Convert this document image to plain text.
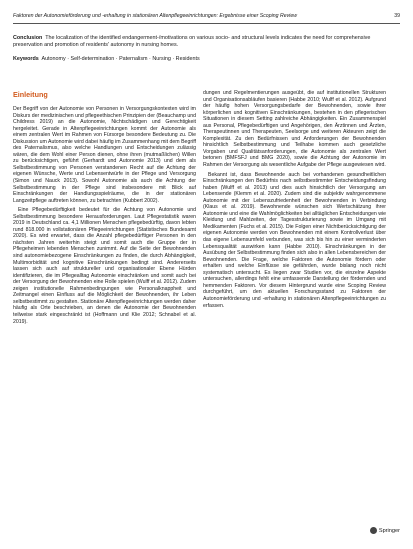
Faktoren der Autonomieförderung und -erhaltung in stationären Altenpflegeeinrichtungen: Ergebnisse einer Scoping Review	39
Conclusion The localization of the identified endangerment-/motivations on various socio- and structural levels indicates the need for comprehensive preservation and promotion of residents' autonomy in nursing homes.
Keywords Autonomy · Self-determination · Paternalism · Nursing · Residents
Einleitung

Der Begriff von der Autonomie von Personen in Versorgungskontexten wird im Diskurs der medizinischen und pflegeethischen Prinzipien der (Beauchamp und Childress 2019) an die Autonomie, Nichtschädigen und Gerechtigkeit hergeleitet. Gerade in Altenpflegeeinrichtungen kommt der Autonomie als einem zentralen Wert im Rahmen von Fürsorge besondere Bedeutung zu. Die Diskussion um Autonomie wird dabei häufig im Zusammenhang mit dem Begriff des Paternalismus, also welche Handlungen und Entscheidungen zulässig wären, die dem Wohl einer Person dienen, ohne ihren (mutmaßlichen) Willen zu berücksichtigen, geführt (Gerhardt und Autonomie 2013) und dem als Selbstbestimmung von Personen verstandenen Recht auf die Achtung der eigenen Wünsche, Werte und Lebensentwürfe in der Pflege und Versorgung (Simon und Nauck 2013). Sowohl Autonomie als auch die Achtung der Selbstbestimmung in der Pflege sind insbesondere mit Blick auf Einschränkungen der Handlungsspielräume, die in der stationären Langzeitpflege auftreten können, zu betrachten (Kubbert 2002).

Eine Pflegebedürftigkeit bedeutet für die Achtung von Autonomie und Selbstbestimmung besondere Herausforderungen. Laut Pflegestatistik waren 2019 in Deutschland ca. 4,1 Millionen Menschen pflegebedürftig, davon lebten rund 818.000 in vollstationären Pflegeeinrichtungen (Statistisches Bundesamt 2020). Es wird erwartet, dass die Anzahl pflegebedürftiger Personen in den nächsten Jahren weiterhin steigt und somit auch die Gruppe der in Pflegeheimen lebenden Menschen zunimmt. Auf die Seite der Bewohnenden sind autonomiebezogene Einschränkungen zu finden, die durch Abhängigkeit, Multimorbidität und kognitive Einschränkungen bedingt sind. Andererseits lassen sich auch auf struktureller und organisationaler Ebene Hürden identifizieren, die im Pflegealltag Autonomie einschränken und somit auch bei der Versorgung der Bewohnenden eine Rolle spielen (Wulff et al. 2012). Zudem zeigen institutionelle Rahmenbedingungen wie Personalknappheit und Zeitmangel einen Einfluss auf die Möglichkeit der Bewohnenden, ihr Leben selbstbestimmt zu gestalten. Stationäre Altenpflegeeinrichtungen werden daher häufig als Orte beschrieben, an denen die Autonomie der Bewohnenden teilweise stark eingeschränkt ist (Hoffmann und Klie 2012; Schnabel et al. 2019).

dungen und Regelmentierungen ausgeübt, die auf institutionellen Strukturen und Organisationsabläufen basieren (Habbe 2010; Wulff et al. 2012). Aufgrund der häufig hohen Versorgungsbedarfe der Bewohnenden, sowie ihrer körperlichen und kognitiven Einschränkungen, bestehen in den pflegerischen Situationen in diesem Setting zahlreiche Abhängigkeiten. Ein Zusammenspiel aus Personal, Pflegebedürftigen und Angehörigen, den Ärztinnen und Ärzten, Therapeutinnen und Therapeuten, Seelsorge und weiteren Akteuren zeigt die Komplexität. Zu den Bedürfnissen und Anforderungen der Bewohnenden hinsichtlich Selbstbestimmung und Teilhabe kommen auch gesetzliche Vorgaben und Qualitätsanforderungen, die Autonomie als zentralen Wert betonen (BMFSFJ und BMG 2020), sowie die Achtung der Autonomie im Rahmen der Versorgung als wesentliche Aufgabe der Pflege ausgewiesen wird.

Bekannt ist, dass Bewohnende auch bei vorhandenen gesundheitlichen Einschränkungen den Bedürfnis nach selbstbestimmter Entscheidungsfindung haben (Wulff et al. 2013) und dies auch hinsichtlich der Versorgung am Lebensende (Klemm et al. 2020). Zudem sind die subjektiv wahrgenommene Autonomie mit der Lebenszufriedenheit der Bewohnenden in Verbindung (Klaus et al. 2019). Bewohnende wünschen sich Wertschätzung ihrer Autonomie und eine die Wahlmöglichkeiten bei alltäglichen Entscheidungen wie Kleidung und Mahlzeiten, der Tagesstrukturierung sowie im Umgang mit Medikamenten (Fuchs et al. 2015). Die Folgen einer Nichtberücksichtigung der eigenen Autonomie werden von Bewohnenden mit einem Kontrollverlust über das eigene Lebensumfeld verbunden, was sich bis hin zu einer verminderten Lebensqualität auswirken kann (Habbe 2010). Einschränkungen in der Ausübung der Selbstbestimmung finden sich also in allen Lebensbereichen der Bewohnenden. Die Frage, welche Faktoren die Autonomie fördern oder erhalten und welche Einflüsse sie gefährden, wurde bislang noch nicht systematisch untersucht. Es liegen zwar Studien vor, die einzelne Aspekte untersuchen, allerdings fehlt eine umfassende Darstellung der fördernden und hemmenden Faktoren. Vor diesem Hintergrund wurde eine Scoping Review durchgeführt, um den aktuellen Forschungsstand zu Faktoren der Autonomieförderung und -erhaltung in stationären Altenpflegeeinrichtungen zu erfassen.

Springer
